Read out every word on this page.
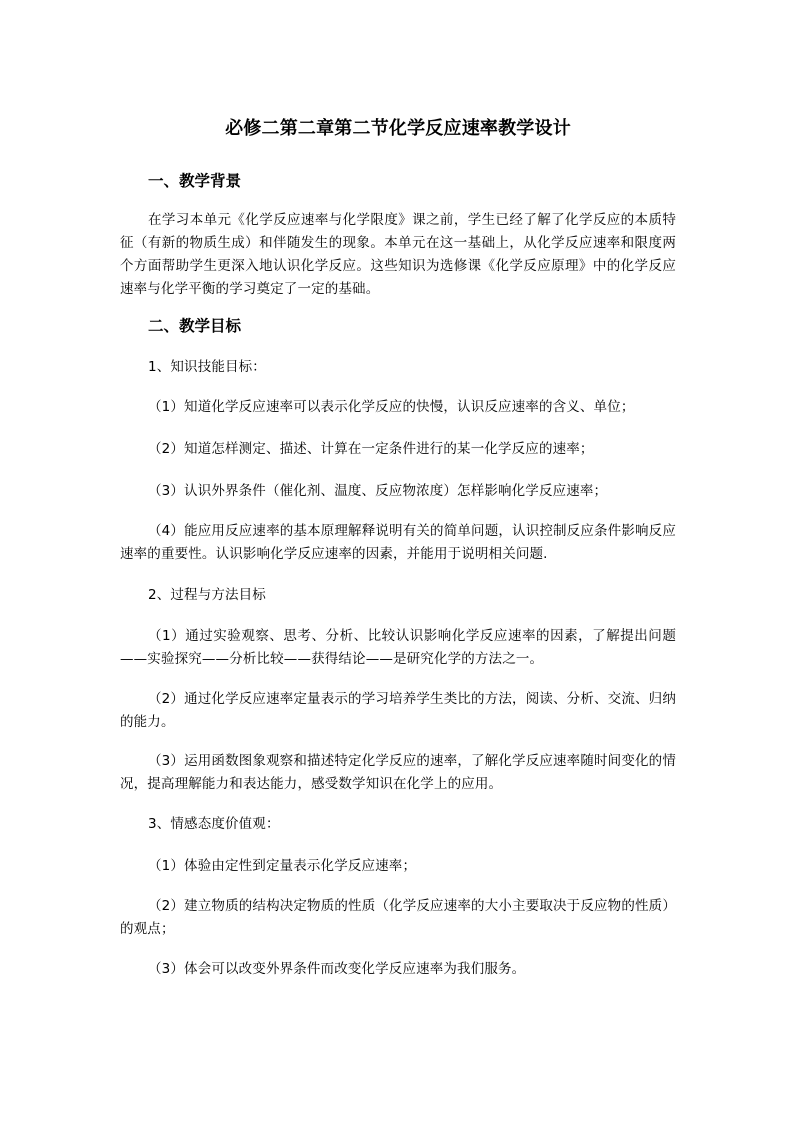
必修二第二章第二节化学反应速率教学设计
一、教学背景
在学习本单元《化学反应速率与化学限度》课之前，学生已经了解了化学反应的本质特征（有新的物质生成）和伴随发生的现象。本单元在这一基础上，从化学反应速率和限度两个方面帮助学生更深入地认识化学反应。这些知识为选修课《化学反应原理》中的化学反应速率与化学平衡的学习奠定了一定的基础。
二、教学目标
1、知识技能目标：
（1）知道化学反应速率可以表示化学反应的快慢，认识反应速率的含义、单位；
（2）知道怎样测定、描述、计算在一定条件进行的某一化学反应的速率；
（3）认识外界条件（催化剂、温度、反应物浓度）怎样影响化学反应速率；
（4）能应用反应速率的基本原理解释说明有关的简单问题，认识控制反应条件影响反应速率的重要性。认识影响化学反应速率的因素，并能用于说明相关问题.
2、过程与方法目标
（1）通过实验观察、思考、分析、比较认识影响化学反应速率的因素，了解提出问题——实验探究——分析比较——获得结论——是研究化学的方法之一。
（2）通过化学反应速率定量表示的学习培养学生类比的方法，阅读、分析、交流、归纳的能力。
（3）运用函数图象观察和描述特定化学反应的速率，了解化学反应速率随时间变化的情况，提高理解能力和表达能力，感受数学知识在化学上的应用。
3、情感态度价值观：
（1）体验由定性到定量表示化学反应速率；
（2）建立物质的结构决定物质的性质（化学反应速率的大小主要取决于反应物的性质）的观点；
（3）体会可以改变外界条件而改变化学反应速率为我们服务。
